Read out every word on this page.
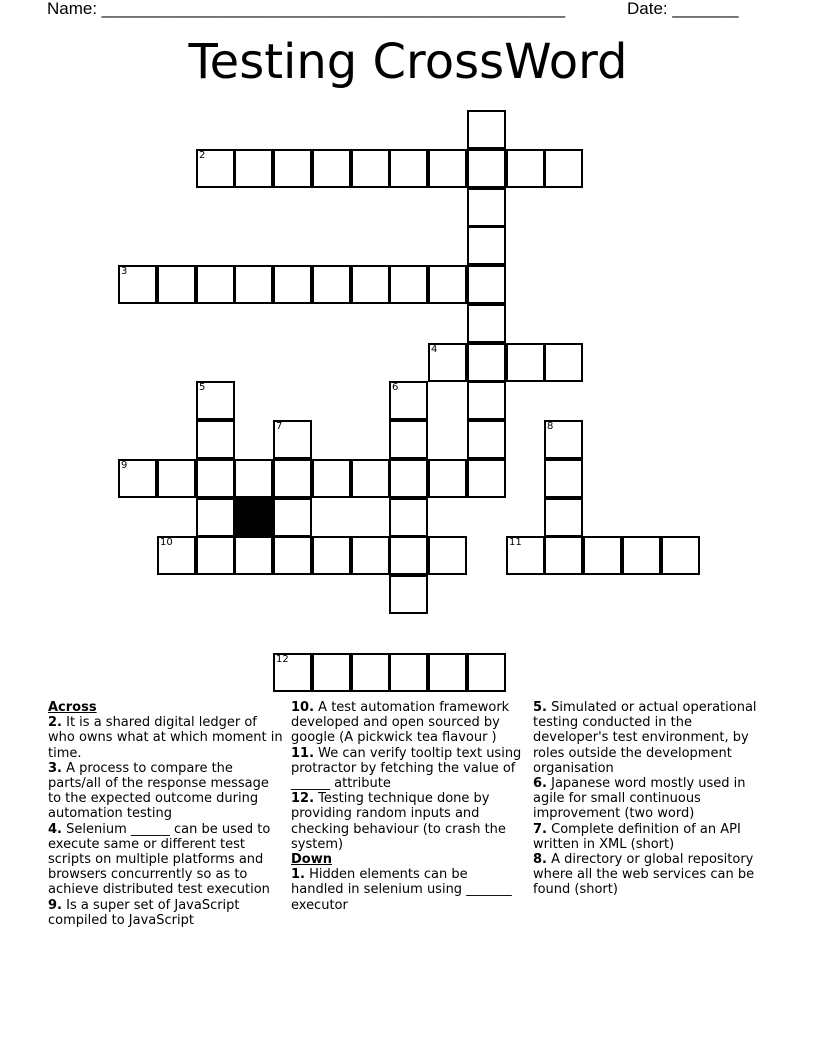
Name: _________________________________________________	Date: _______
Testing CrossWord
2
3
4
5	6
7	8
9
10	11
12

Across

2. It is a shared digital ledger of who owns what at which moment in time.

3. A process to compare the parts/all of the response message to the expected outcome during automation testing

4. Selenium ______ can be used to execute same or different test scripts on multiple platforms and browsers concurrently so as to achieve distributed test execution

9. Is a super set of JavaScript compiled to JavaScript

10. A test automation framework developed and open sourced by google (A pickwick tea flavour )

11. We can verify tooltip text using protractor by fetching the value of ______ attribute

12. Testing technique done by providing random inputs and checking behaviour (to crash the system)

Down

1. Hidden elements can be handled in selenium using _______ executor

5. Simulated or actual operational testing conducted in the developer's test environment, by roles outside the development organisation

6. Japanese word mostly used in agile for small continuous improvement (two word)

7. Complete definition of an API written in XML (short)

8. A directory or global repository where all the web services can be found (short)
